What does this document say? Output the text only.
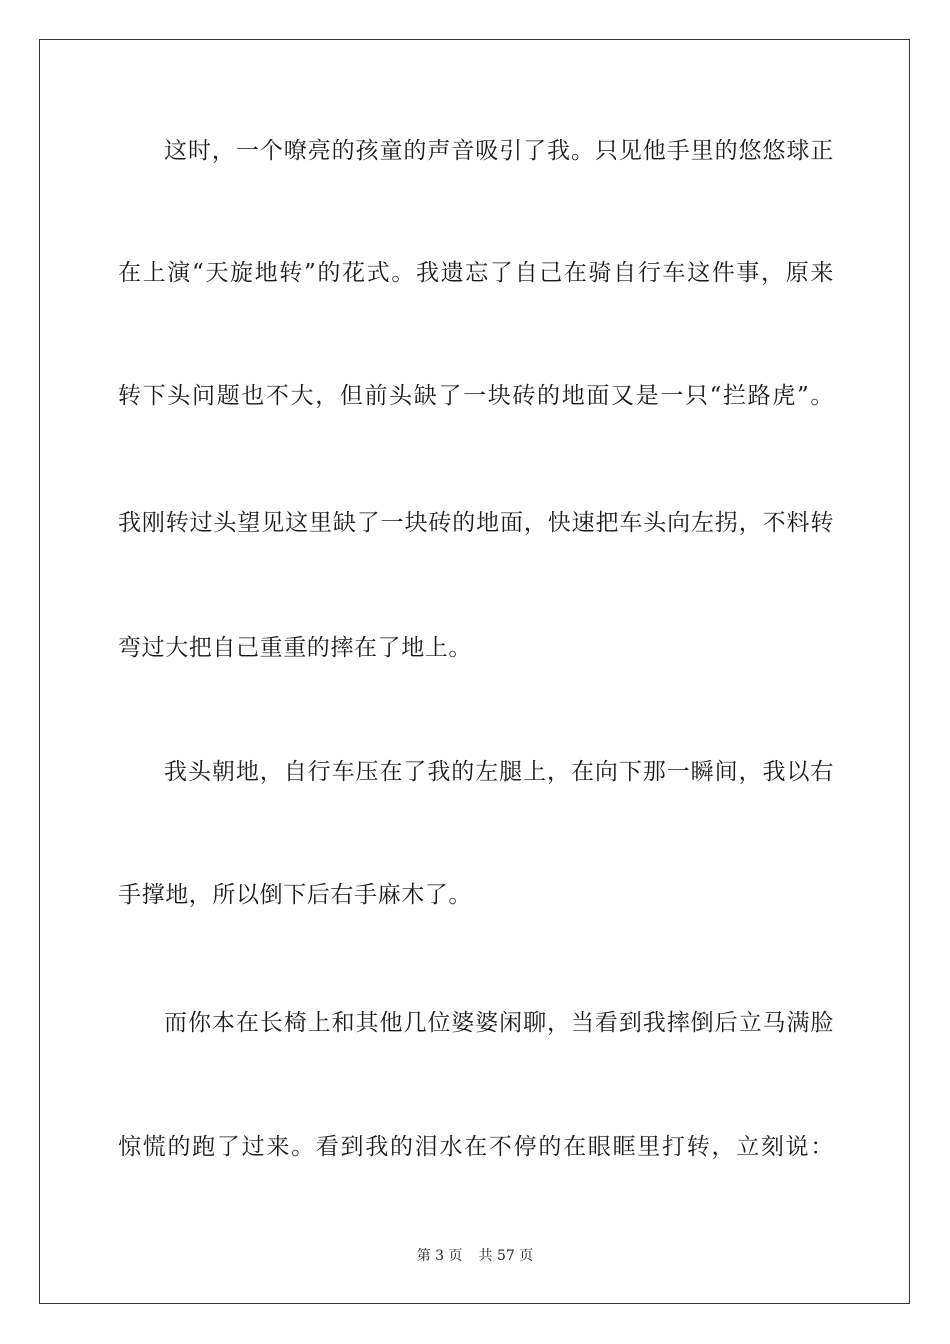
这时，一个嘹亮的孩童的声音吸引了我。只见他手里的悠悠球正
在上演“天旋地转”的花式。我遗忘了自己在骑自行车这件事，原来
转下头问题也不大，但前头缺了一块砖的地面又是一只“拦路虎”。
我刚转过头望见这里缺了一块砖的地面，快速把车头向左拐，不料转
弯过大把自己重重的摔在了地上。
我头朝地，自行车压在了我的左腿上，在向下那一瞬间，我以右
手撑地，所以倒下后右手麻木了。
而你本在长椅上和其他几位婆婆闲聊，当看到我摔倒后立马满脸
惊慌的跑了过来。看到我的泪水在不停的在眼眶里打转，立刻说：
第 3 页 共 57 页
